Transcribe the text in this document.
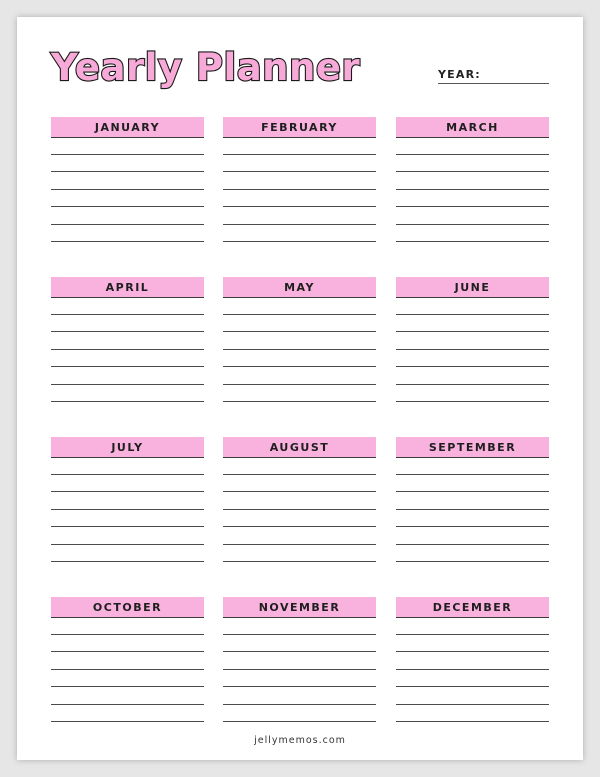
Yearly Planner	YEAR:
JANUARY	FEBRUARY	MARCH
APRIL	MAY	JUNE
JULY	AUGUST	SEPTEMBER
OCTOBER	NOVEMBER	DECEMBER
jellymemos.com
